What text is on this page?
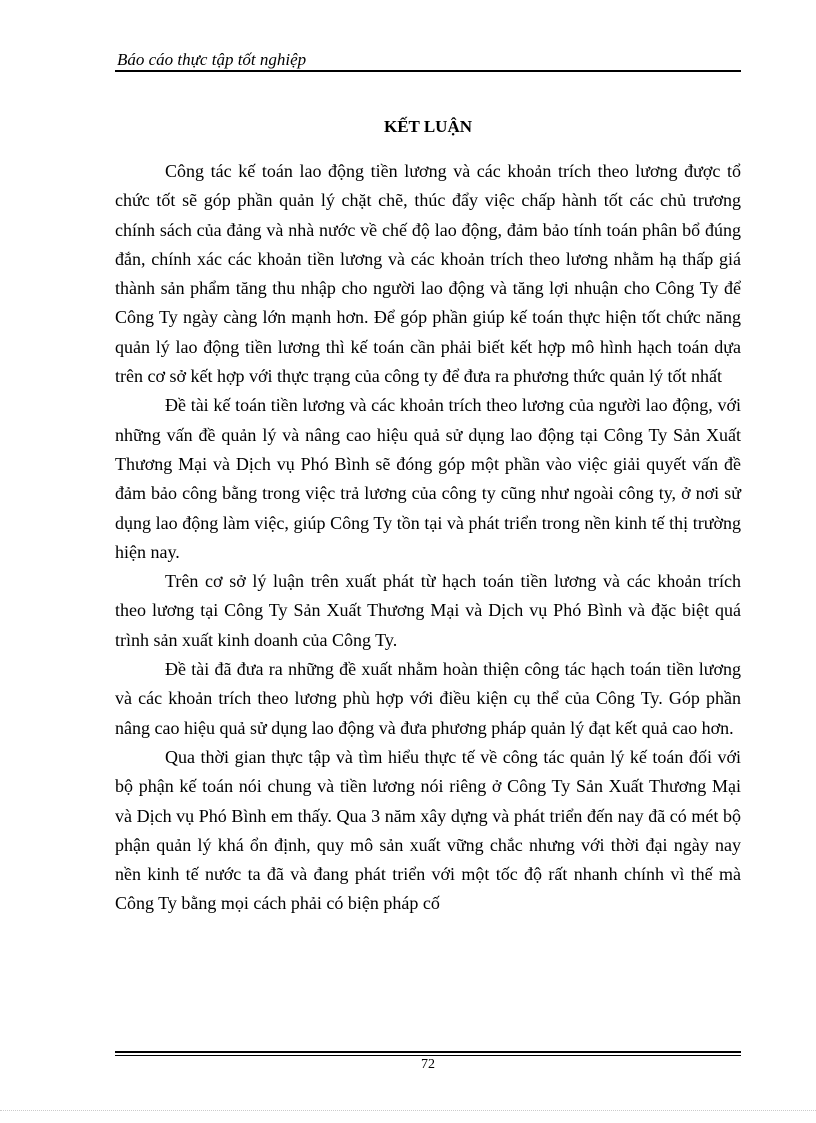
Báo cáo thực tập tốt nghiệp
KẾT LUẬN

Công tác kế toán lao động tiền lương và các khoản trích theo lương được tổ chức tốt sẽ góp phần quản lý chặt chẽ, thúc đẩy việc chấp hành tốt các chủ trương chính sách của đảng và nhà nước về chế độ lao động, đảm bảo tính toán phân bổ đúng đắn, chính xác các khoản tiền lương và các khoản trích theo lương nhằm hạ thấp giá thành sản phẩm tăng thu nhập cho người lao động và tăng lợi nhuận cho Công Ty để Công Ty ngày càng lớn mạnh hơn. Để góp phần giúp kế toán thực hiện tốt chức năng quản lý lao động tiền lương thì kế toán cần phải biết kết hợp mô hình hạch toán dựa trên cơ sở kết hợp với thực trạng của công ty để đưa ra phương thức quản lý tốt nhất

Đề tài kế toán tiền lương và các khoản trích theo lương của người lao động, với những vấn đề quản lý và nâng cao hiệu quả sử dụng lao động tại Công Ty Sản Xuất Thương Mại và Dịch vụ Phó Bình sẽ đóng góp một phần vào việc giải quyết vấn đề đảm bảo công bằng trong việc trả lương của công ty cũng như ngoài công ty, ở nơi sử dụng lao động làm việc, giúp Công Ty tồn tại và phát triển trong nền kinh tế thị trường hiện nay.

Trên cơ sở lý luận trên xuất phát từ hạch toán tiền lương và các khoản trích theo lương tại Công Ty Sản Xuất Thương Mại và Dịch vụ Phó Bình và đặc biệt quá trình sản xuất kinh doanh của Công Ty.

Đề tài đã đưa ra những đề xuất nhằm hoàn thiện công tác hạch toán tiền lương và các khoản trích theo lương phù hợp với điều kiện cụ thể của Công Ty. Góp phần nâng cao hiệu quả sử dụng lao động và đưa phương pháp quản lý đạt kết quả cao hơn.

Qua thời gian thực tập và tìm hiểu thực tế về công tác quản lý kế toán đối với bộ phận kế toán nói chung và tiền lương nói riêng ở Công Ty Sản Xuất Thương Mại và Dịch vụ Phó Bình em thấy. Qua 3 năm xây dựng và phát triển đến nay đã có mét bộ phận quản lý khá ổn định, quy mô sản xuất vững chắc nhưng với thời đại ngày nay nền kinh tế nước ta đã và đang phát triển với một tốc độ rất nhanh chính vì thế mà Công Ty bằng mọi cách phải có biện pháp cố

72
